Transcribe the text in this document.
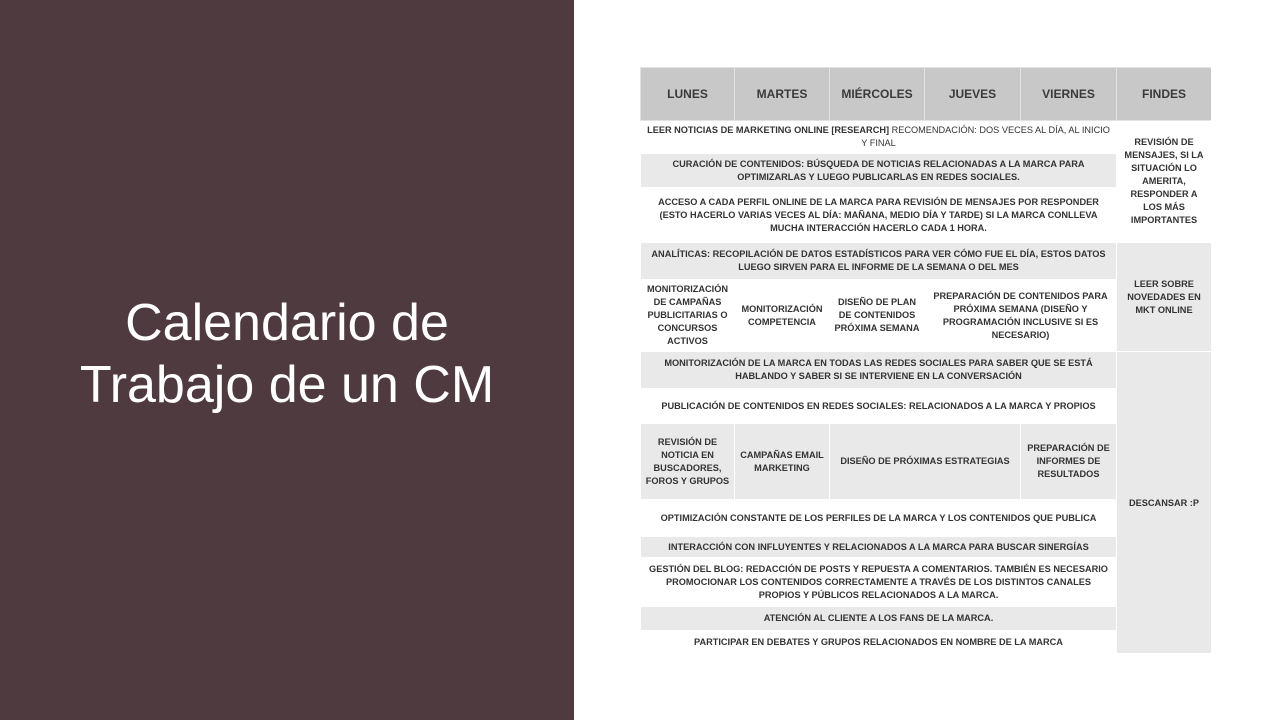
Calendario de
Trabajo de un CM
LUNES	MARTES	MIÉRCOLES	JUEVES	VIERNES	FINDES
LEER NOTICIAS DE MARKETING ONLINE [RESEARCH] RECOMENDACIÓN: DOS VECES AL DÍA, AL INICIO Y FINAL					REVISIÓN DE MENSAJES, SI LA SITUACIÓN LO AMERITA, RESPONDER A LOS MÁS IMPORTANTES
CURACIÓN DE CONTENIDOS: BÚSQUEDA DE NOTICIAS RELACIONADAS A LA MARCA PARA OPTIMIZARLAS Y LUEGO PUBLICARLAS EN REDES SOCIALES.					
ACCESO A CADA PERFIL ONLINE DE LA MARCA PARA REVISIÓN DE MENSAJES POR RESPONDER (ESTO HACERLO VARIAS VECES AL DÍA: MAÑANA, MEDIO DÍA Y TARDE) SI LA MARCA CONLLEVA MUCHA INTERACCIÓN HACERLO CADA 1 HORA.					
ANALÍTICAS: RECOPILACIÓN DE DATOS ESTADÍSTICOS PARA VER CÓMO FUE EL DÍA, ESTOS DATOS LUEGO SIRVEN PARA EL INFORME DE LA SEMANA O DEL MES					LEER SOBRE NOVEDADES EN MKT ONLINE
MONITORIZACIÓN DE CAMPAÑAS PUBLICITARIAS O CONCURSOS ACTIVOS	MONITORIZACIÓN COMPETENCIA	DISEÑO DE PLAN DE CONTENIDOS PRÓXIMA SEMANA	PREPARACIÓN DE CONTENIDOS PARA PRÓXIMA SEMANA (DISEÑO Y PROGRAMACIÓN INCLUSIVE SI ES NECESARIO)		
MONITORIZACIÓN DE LA MARCA EN TODAS LAS REDES SOCIALES PARA SABER QUE SE ESTÁ HABLANDO Y SABER SI SE INTERVIENE EN LA CONVERSACIÓN					DESCANSAR :P
PUBLICACIÓN DE CONTENIDOS EN REDES SOCIALES: RELACIONADOS A LA MARCA Y PROPIOS					
REVISIÓN DE NOTICIA EN BUSCADORES, FOROS Y GRUPOS	CAMPAÑAS EMAIL MARKETING	DISEÑO DE PRÓXIMAS ESTRATEGIAS		PREPARACIÓN DE INFORMES DE RESULTADOS	
OPTIMIZACIÓN CONSTANTE DE LOS PERFILES DE LA MARCA Y LOS CONTENIDOS QUE PUBLICA					
INTERACCIÓN CON INFLUYENTES Y RELACIONADOS A LA MARCA PARA BUSCAR SINERGÍAS					
GESTIÓN DEL BLOG: REDACCIÓN DE POSTS Y REPUESTA A COMENTARIOS. TAMBIÉN ES NECESARIO PROMOCIONAR LOS CONTENIDOS CORRECTAMENTE A TRAVÉS DE LOS DISTINTOS CANALES PROPIOS Y PÚBLICOS RELACIONADOS A LA MARCA.					
ATENCIÓN AL CLIENTE A LOS FANS DE LA MARCA.					
PARTICIPAR EN DEBATES Y GRUPOS RELACIONADOS EN NOMBRE DE LA MARCA					
